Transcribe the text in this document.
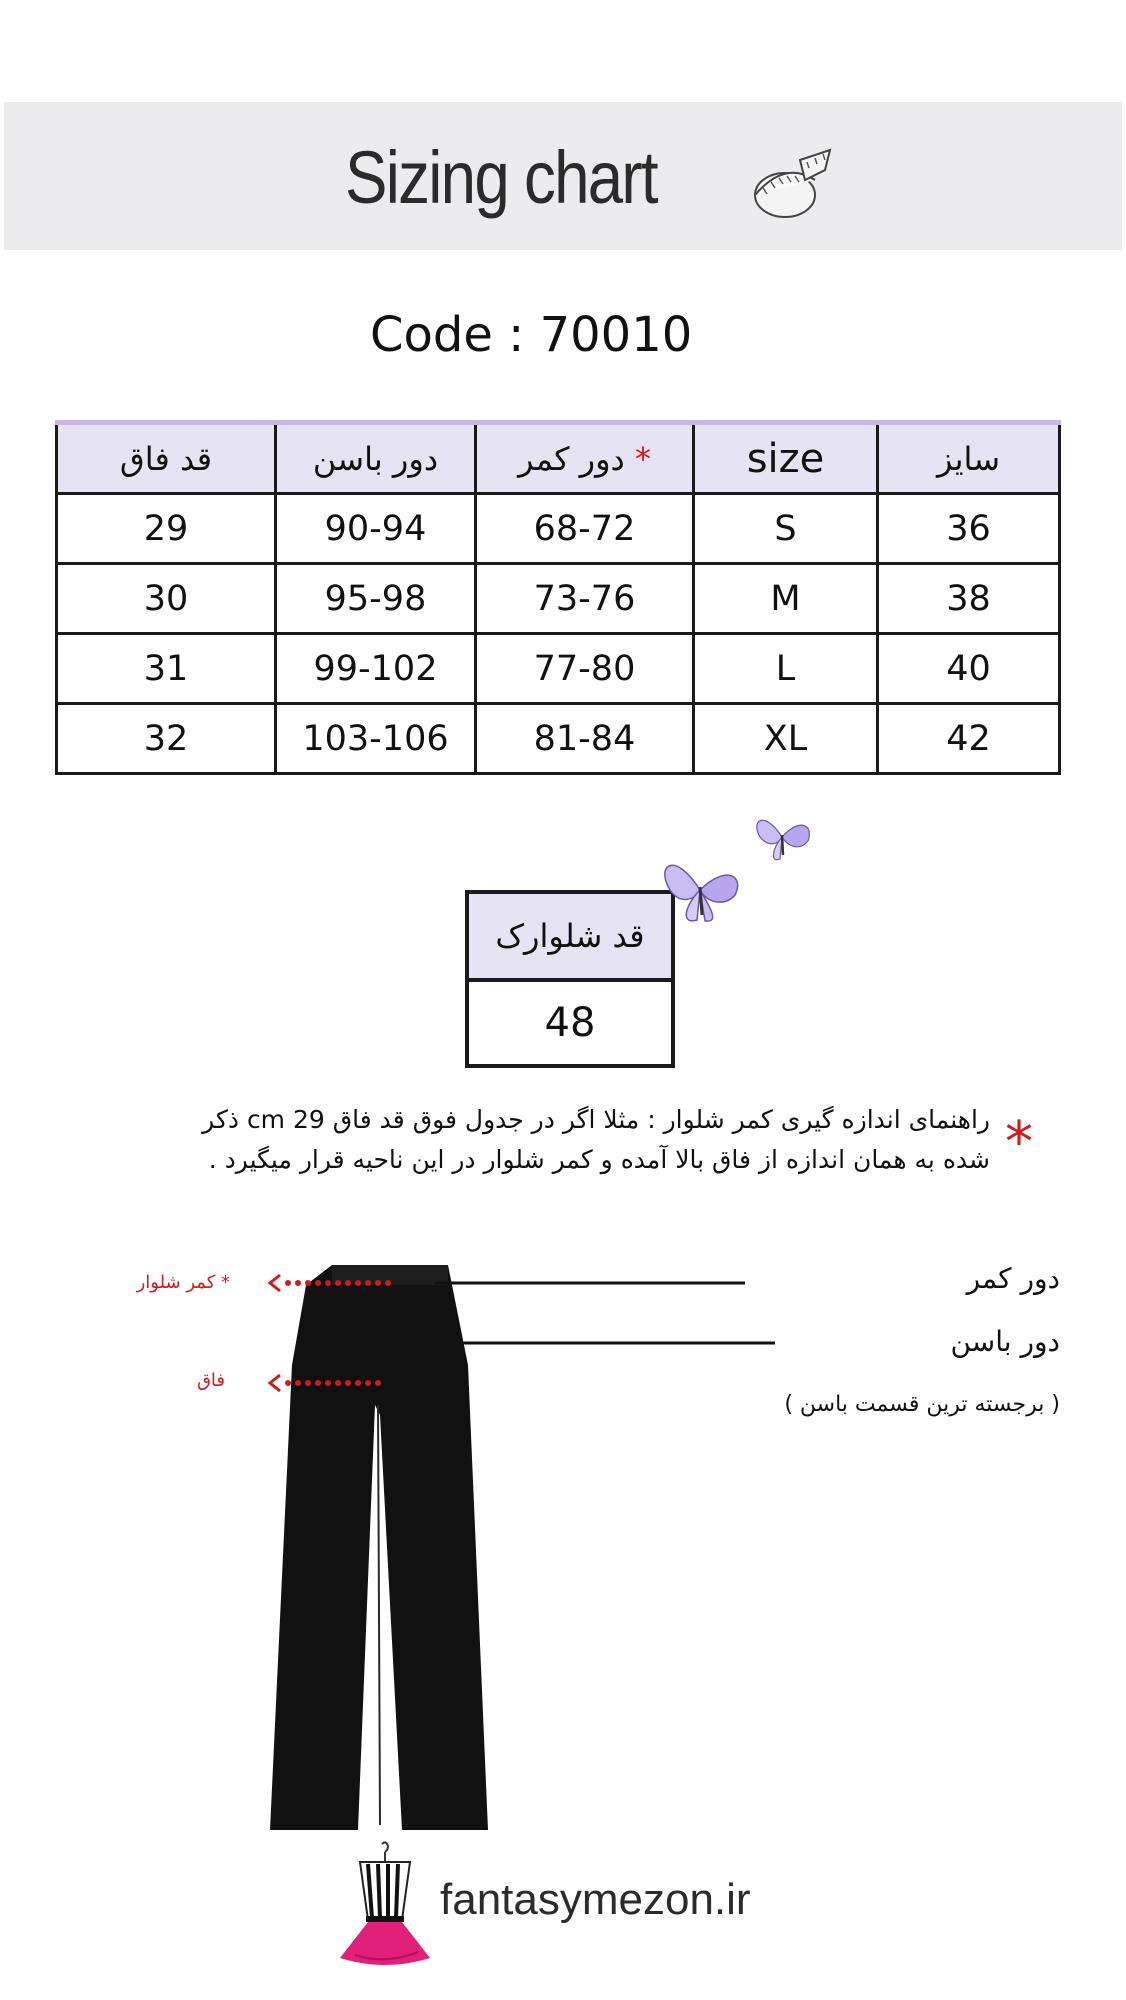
Sizing chart
Code : 70010
قد فاق	دور باسن	دور کمر *	size	سایز
29	90-94	68-72	S	36
30	95-98	73-76	M	38
31	99-102	77-80	L	40
32	103-106	81-84	XL	42
قد شلوارک
48
*
راهنمای اندازه گیری کمر شلوار : مثلا اگر در جدول فوق قد فاق 29 cm ذکر
شده به همان اندازه از فاق بالا آمده و کمر شلوار در این ناحیه قرار میگیرد .
* کمر شلوار
فاق
دور کمر
دور باسن
( برجسته ترین قسمت باسن )
fantasymezon.ir
